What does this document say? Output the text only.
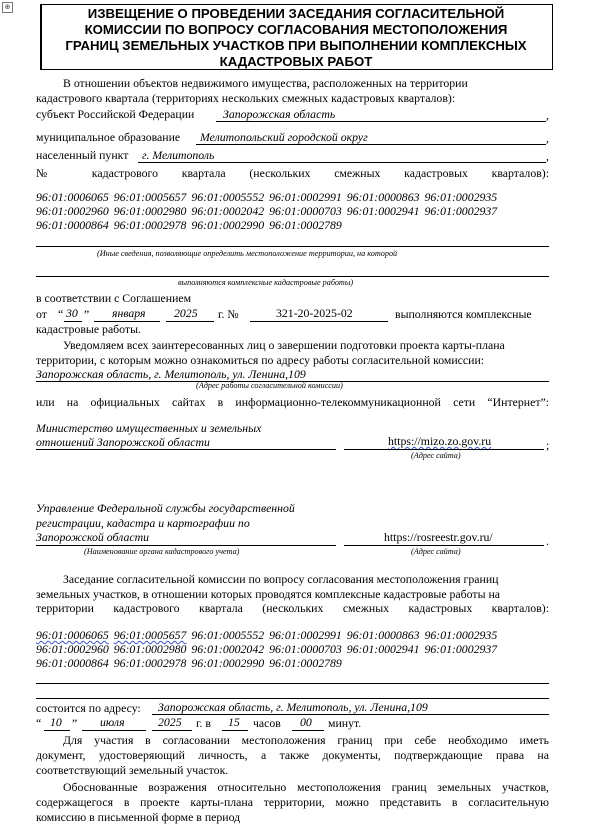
⊕	ИЗВЕЩЕНИЕ О ПРОВЕДЕНИИ ЗАСЕДАНИЯ СОГЛАСИТЕЛЬНОЙ
КОМИССИИ ПО ВОПРОСУ СОГЛАСОВАНИЯ МЕСТОПОЛОЖЕНИЯ
ГРАНИЦ ЗЕМЕЛЬНЫХ УЧАСТКОВ ПРИ ВЫПОЛНЕНИИ КОМПЛЕКСНЫХ
КАДАСТРОВЫХ РАБОТ
В отношении объектов недвижимого имущества, расположенных на территории
кадастрового квартала (территориях нескольких смежных кадастровых кварталов):
субъект Российской Федерации Запорожская область	,
муниципальное образование Мелитопольский городской округ	,
населенный пункт г. Мелитополь	,
№ кадастрового квартала (нескольких смежных кадастровых кварталов):
96:01:0006065 96:01:0005657 96:01:0005552 96:01:0002991 96:01:0000863 96:01:0002935
96:01:0002960 96:01:0002980 96:01:0002042 96:01:0000703 96:01:0002941 96:01:0002937
96:01:0000864 96:01:0002978 96:01:0002990 96:01:0002789
(Иные сведения, позволяющие определить местоположение территории, на которой
выполняются комплексные кадастровые работы)
в соответствии с Соглашением
от “ 30 ” января 2025 г. №	321-20-2025-02	выполняются комплексные
кадастровые работы.
Уведомляем всех заинтересованных лиц о завершении подготовки проекта карты-плана
территории, с которым можно ознакомиться по адресу работы согласительной комиссии:
Запорожская область, г. Мелитополь, ул. Ленина,109
(Адрес работы согласительной комиссии)
или на официальных сайтах в информационно-телекоммуникационной сети “Интернет”:
Министерство имущественных и земельных
отношений Запорожской области	https://mizo.zo.gov.ru	;
(Адрес сайта)
Управление Федеральной службы государственной
регистрации, кадастра и картографии по
Запорожской области
(Наименование органа кадастрового учета)
https://rosreestr.gov.ru/	.
(Адрес сайта)
Заседание согласительной комиссии по вопросу согласования местоположения границ
земельных участков, в отношении которых проводятся комплексные кадастровые работы на
территории кадастрового квартала (нескольких смежных кадастровых кварталов):
96:01:0006065 96:01:0005657 96:01:0005552 96:01:0002991 96:01:0000863 96:01:0002935
96:01:0002960 96:01:0002980 96:01:0002042 96:01:0000703 96:01:0002941 96:01:0002937
96:01:0000864 96:01:0002978 96:01:0002990 96:01:0002789
состоится по адресу: Запорожская область, г. Мелитополь, ул. Ленина,109
“ 10 ” июля	2025 г. в 15 часов 00 минут.
Для участия в согласовании местоположения границ при себе необходимо иметь
документ, удостоверяющий личность, а также документы, подтверждающие права на
соответствующий земельный участок.
Обоснованные возражения относительно местоположения границ земельных участков,
содержащегося в проекте карты-плана территории, можно представить в согласительную
комиссию в письменной форме в период
